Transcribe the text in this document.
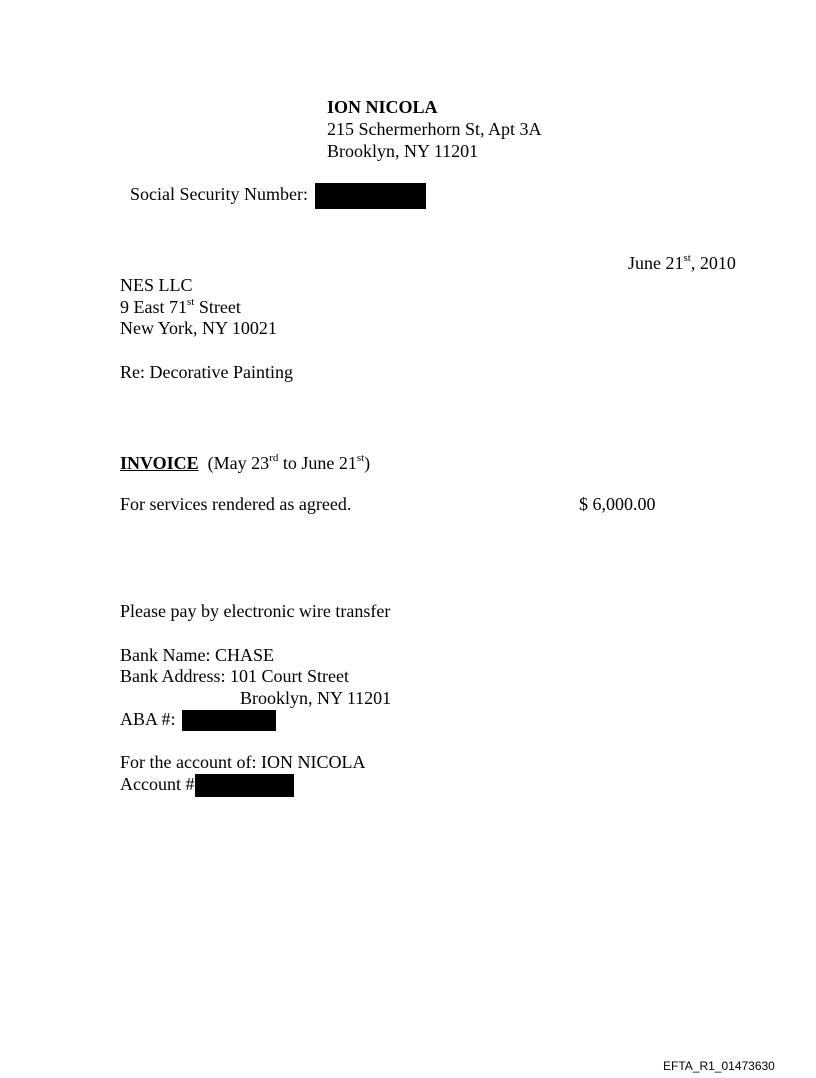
ION NICOLA
215 Schermerhorn St, Apt 3A
Brooklyn, NY 11201
Social Security Number:
June 21st, 2010
NES LLC
9 East 71st Street
New York, NY 10021
Re: Decorative Painting
INVOICE (May 23rd to June 21st)
For services rendered as agreed.	$ 6,000.00
Please pay by electronic wire transfer
Bank Name: CHASE
Bank Address: 101 Court Street
Brooklyn, NY 11201
ABA #:
For the account of: ION NICOLA
Account #
EFTA_R1_01473630
